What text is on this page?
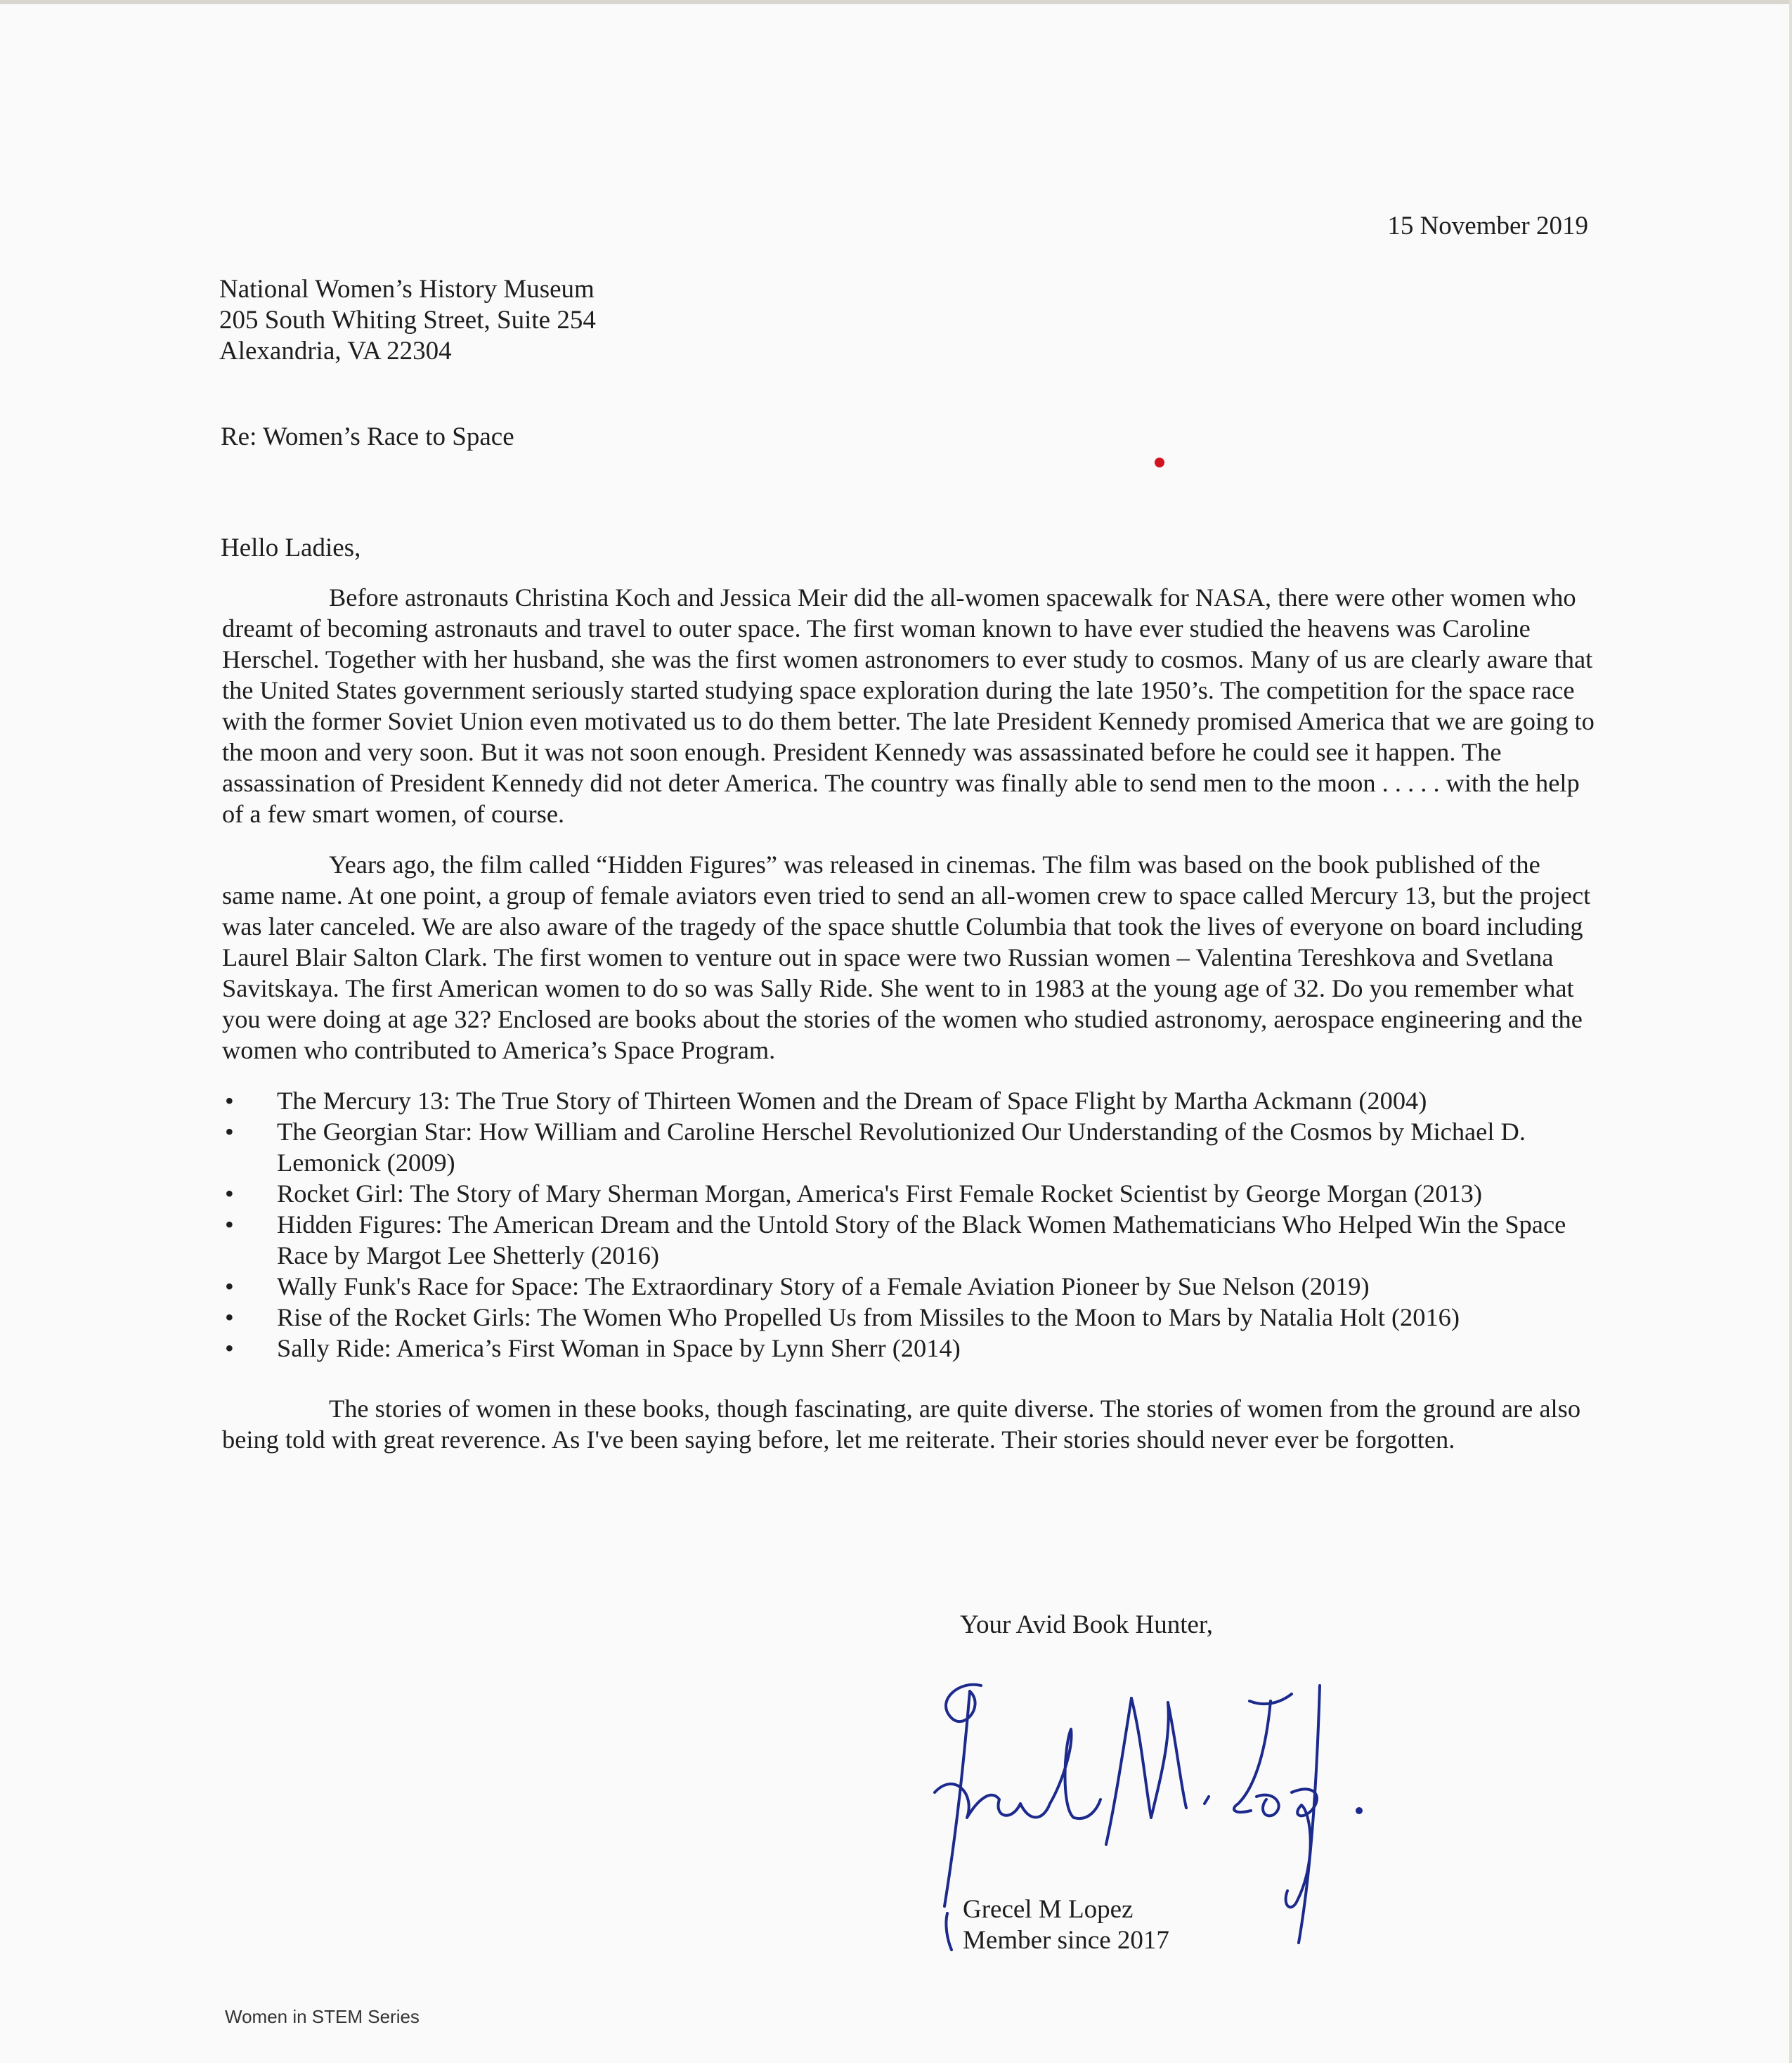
15 November 2019
National Women’s History Museum
205 South Whiting Street, Suite 254
Alexandria, VA 22304
Re: Women’s Race to Space
Hello Ladies,

Before astronauts Christina Koch and Jessica Meir did the all-women spacewalk for NASA, there were other women who dreamt of becoming astronauts and travel to outer space. The first woman known to have ever studied the heavens was Caroline Herschel. Together with her husband, she was the first women astronomers to ever study to cosmos. Many of us are clearly aware that the United States government seriously started studying space exploration during the late 1950’s. The competition for the space race with the former Soviet Union even motivated us to do them better. The late President Kennedy promised America that we are going to the moon and very soon. But it was not soon enough. President Kennedy was assassinated before he could see it happen. The assassination of President Kennedy did not deter America. The country was finally able to send men to the moon . . . . . with the help of a few smart women, of course.

Years ago, the film called “Hidden Figures” was released in cinemas. The film was based on the book published of the same name. At one point, a group of female aviators even tried to send an all-women crew to space called Mercury 13, but the project was later canceled. We are also aware of the tragedy of the space shuttle Columbia that took the lives of everyone on board including Laurel Blair Salton Clark. The first women to venture out in space were two Russian women – Valentina Tereshkova and Svetlana Savitskaya. The first American women to do so was Sally Ride. She went to in 1983 at the young age of 32. Do you remember what you were doing at age 32? Enclosed are books about the stories of the women who studied astronomy, aerospace engineering and the women who contributed to America’s Space Program.

• The Mercury 13: The True Story of Thirteen Women and the Dream of Space Flight by Martha Ackmann (2004)
• The Georgian Star: How William and Caroline Herschel Revolutionized Our Understanding of the Cosmos by Michael D. Lemonick (2009)
• Rocket Girl: The Story of Mary Sherman Morgan, America's First Female Rocket Scientist by George Morgan (2013)
• Hidden Figures: The American Dream and the Untold Story of the Black Women Mathematicians Who Helped Win the Space Race by Margot Lee Shetterly (2016)
• Wally Funk's Race for Space: The Extraordinary Story of a Female Aviation Pioneer by Sue Nelson (2019)
• Rise of the Rocket Girls: The Women Who Propelled Us from Missiles to the Moon to Mars by Natalia Holt (2016)
• Sally Ride: America’s First Woman in Space by Lynn Sherr (2014)

The stories of women in these books, though fascinating, are quite diverse. The stories of women from the ground are also being told with great reverence. As I've been saying before, let me reiterate. Their stories should never ever be forgotten.

Your Avid Book Hunter,
Grecel M Lopez
Member since 2017
Women in STEM Series
